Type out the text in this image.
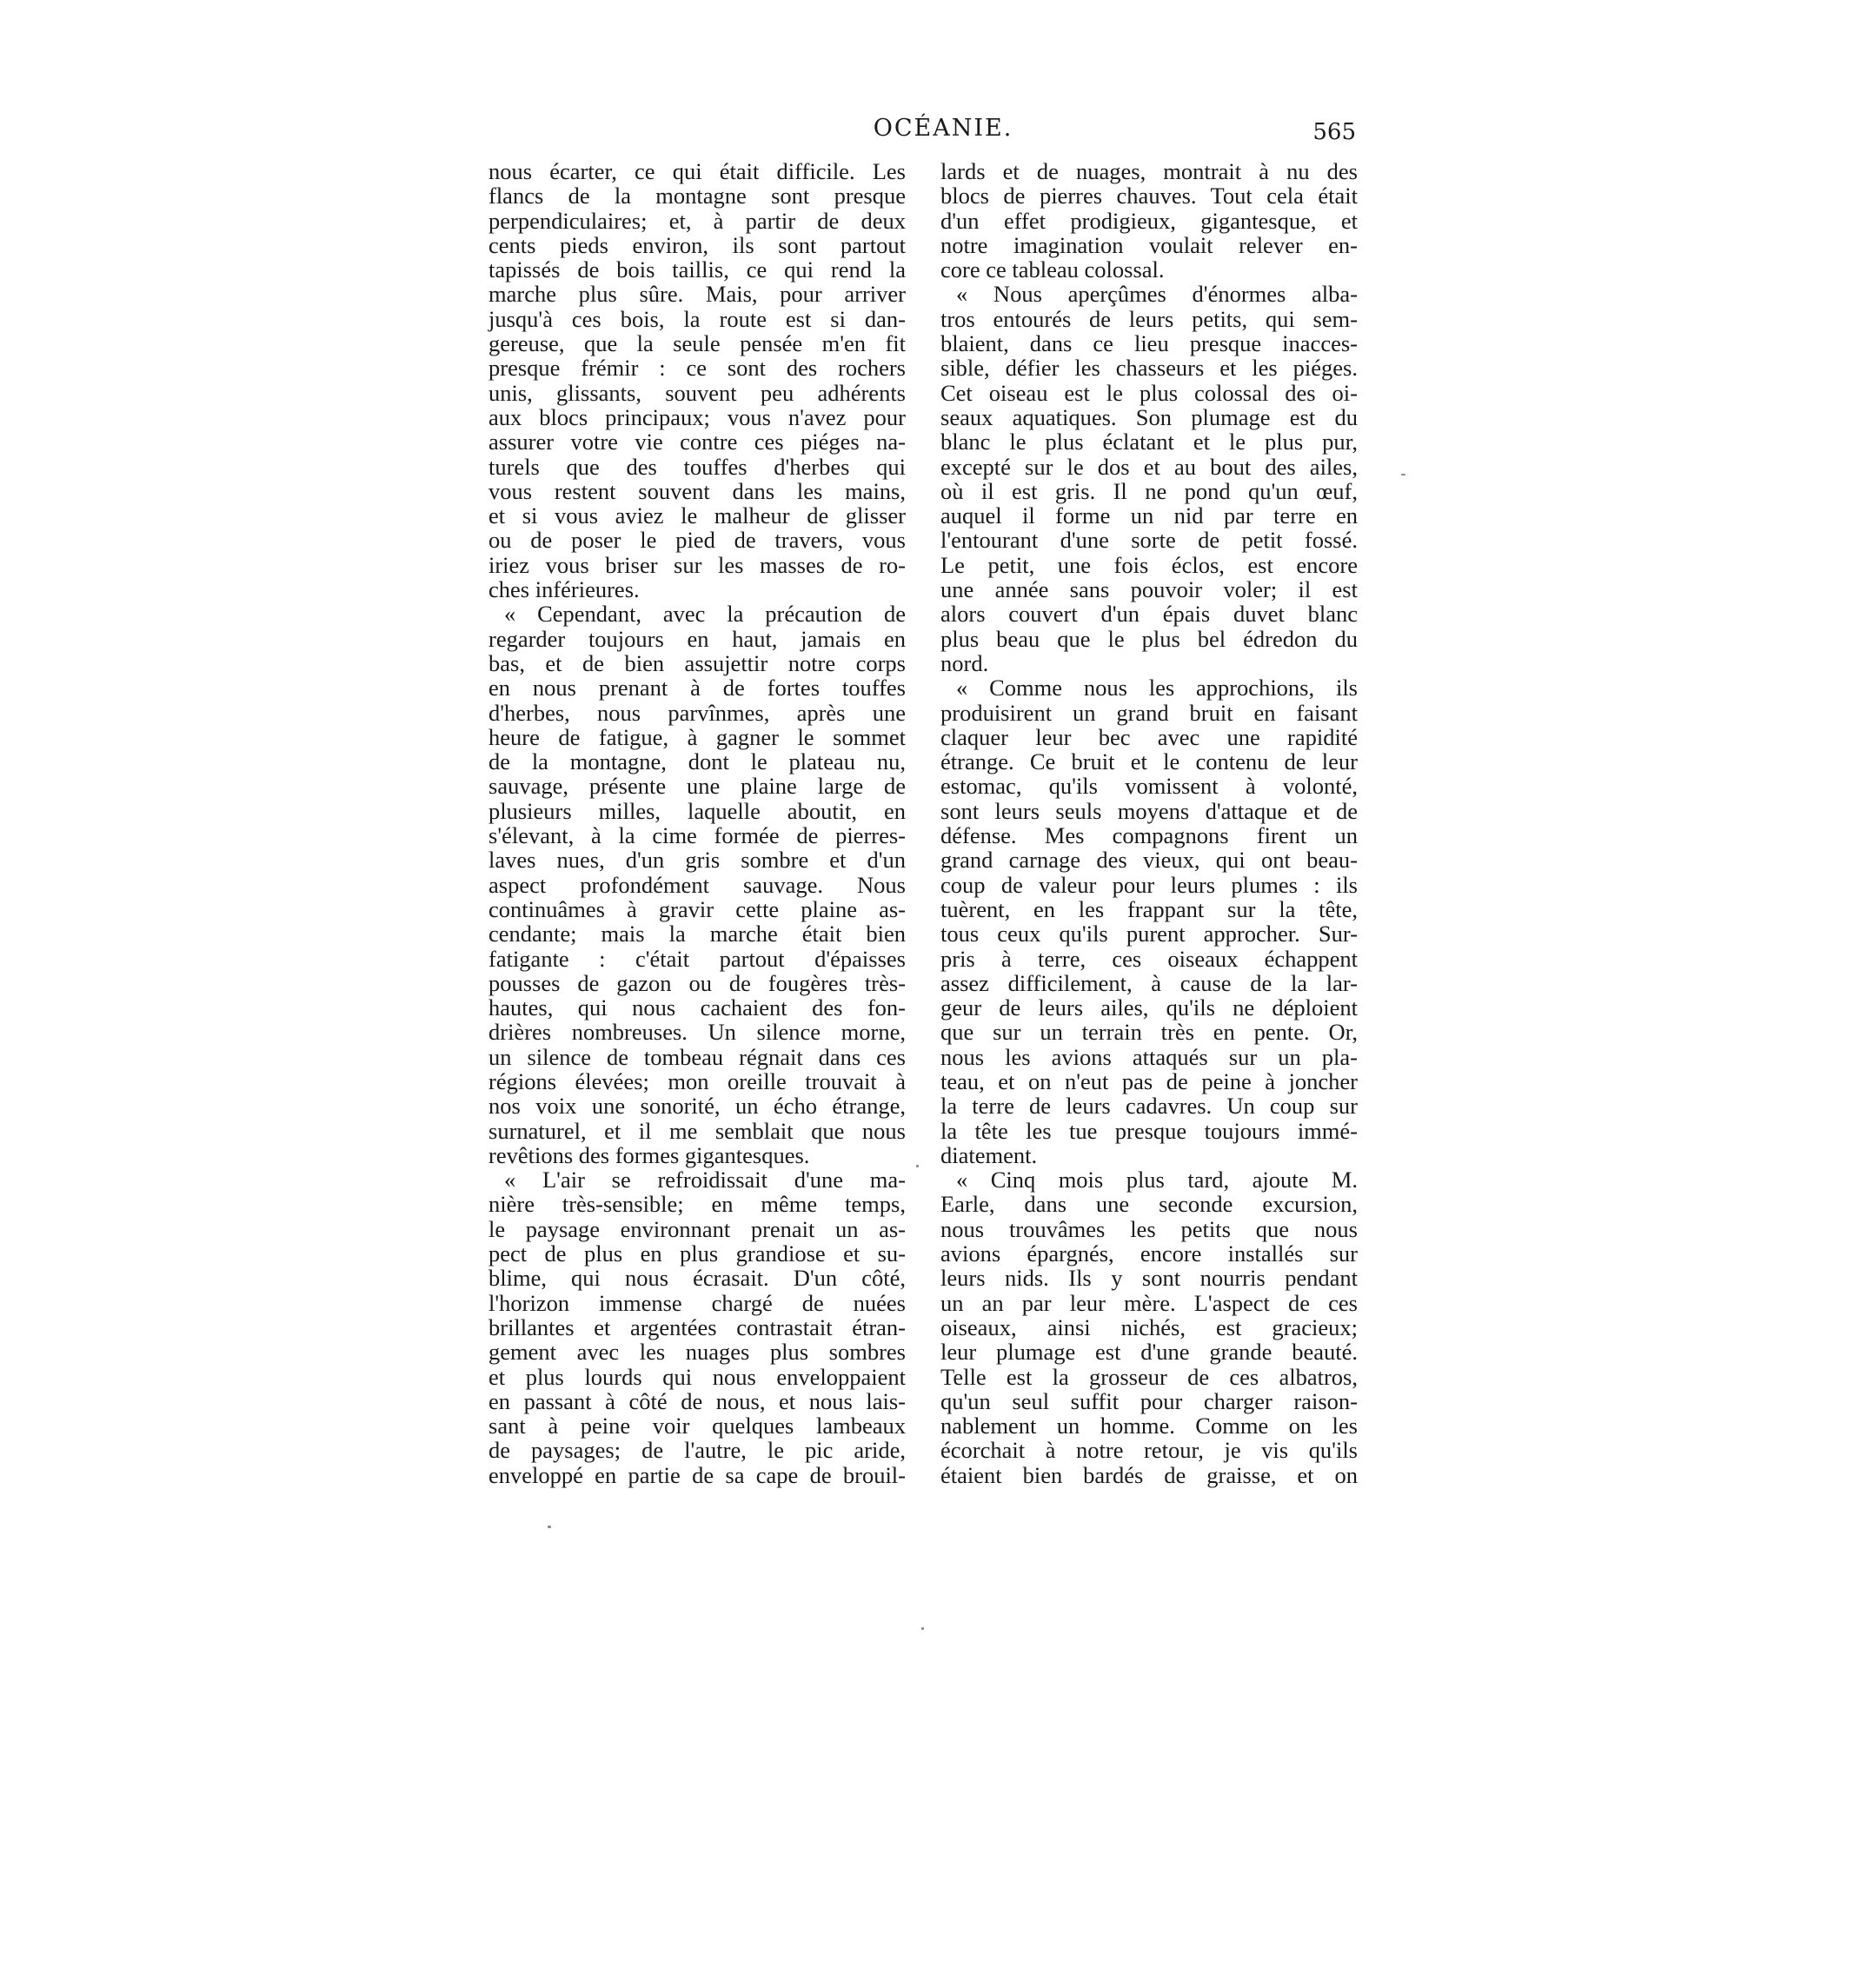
OCÉANIE.	565
nous écarter, ce qui était difficile. Les
flancs de la montagne sont presque
perpendiculaires; et, à partir de deux
cents pieds environ, ils sont partout
tapissés de bois taillis, ce qui rend la
marche plus sûre. Mais, pour arriver
jusqu'à ces bois, la route est si dan-
gereuse, que la seule pensée m'en fit
presque frémir : ce sont des rochers
unis, glissants, souvent peu adhérents
aux blocs principaux; vous n'avez pour
assurer votre vie contre ces piéges na-
turels que des touffes d'herbes qui
vous restent souvent dans les mains,
et si vous aviez le malheur de glisser
ou de poser le pied de travers, vous
iriez vous briser sur les masses de ro-
ches inférieures.
« Cependant, avec la précaution de
regarder toujours en haut, jamais en
bas, et de bien assujettir notre corps
en nous prenant à de fortes touffes
d'herbes, nous parvînmes, après une
heure de fatigue, à gagner le sommet
de la montagne, dont le plateau nu,
sauvage, présente une plaine large de
plusieurs milles, laquelle aboutit, en
s'élevant, à la cime formée de pierres-
laves nues, d'un gris sombre et d'un
aspect profondément sauvage. Nous
continuâmes à gravir cette plaine as-
cendante; mais la marche était bien
fatigante : c'était partout d'épaisses
pousses de gazon ou de fougères très-
hautes, qui nous cachaient des fon-
drières nombreuses. Un silence morne,
un silence de tombeau régnait dans ces
régions élevées; mon oreille trouvait à
nos voix une sonorité, un écho étrange,
surnaturel, et il me semblait que nous
revêtions des formes gigantesques.
« L'air se refroidissait d'une ma-
nière très-sensible; en même temps,
le paysage environnant prenait un as-
pect de plus en plus grandiose et su-
blime, qui nous écrasait. D'un côté,
l'horizon immense chargé de nuées
brillantes et argentées contrastait étran-
gement avec les nuages plus sombres
et plus lourds qui nous enveloppaient
en passant à côté de nous, et nous lais-
sant à peine voir quelques lambeaux
de paysages; de l'autre, le pic aride,
enveloppé en partie de sa cape de brouil-
lards et de nuages, montrait à nu des
blocs de pierres chauves. Tout cela était
d'un effet prodigieux, gigantesque, et
notre imagination voulait relever en-
core ce tableau colossal.
« Nous aperçûmes d'énormes alba-
tros entourés de leurs petits, qui sem-
blaient, dans ce lieu presque inacces-
sible, défier les chasseurs et les piéges.
Cet oiseau est le plus colossal des oi-
seaux aquatiques. Son plumage est du
blanc le plus éclatant et le plus pur,
excepté sur le dos et au bout des ailes,
où il est gris. Il ne pond qu'un œuf,
auquel il forme un nid par terre en
l'entourant d'une sorte de petit fossé.
Le petit, une fois éclos, est encore
une année sans pouvoir voler; il est
alors couvert d'un épais duvet blanc
plus beau que le plus bel édredon du
nord.
« Comme nous les approchions, ils
produisirent un grand bruit en faisant
claquer leur bec avec une rapidité
étrange. Ce bruit et le contenu de leur
estomac, qu'ils vomissent à volonté,
sont leurs seuls moyens d'attaque et de
défense. Mes compagnons firent un
grand carnage des vieux, qui ont beau-
coup de valeur pour leurs plumes : ils
tuèrent, en les frappant sur la tête,
tous ceux qu'ils purent approcher. Sur-
pris à terre, ces oiseaux échappent
assez difficilement, à cause de la lar-
geur de leurs ailes, qu'ils ne déploient
que sur un terrain très en pente. Or,
nous les avions attaqués sur un pla-
teau, et on n'eut pas de peine à joncher
la terre de leurs cadavres. Un coup sur
la tête les tue presque toujours immé-
diatement.
« Cinq mois plus tard, ajoute M.
Earle, dans une seconde excursion,
nous trouvâmes les petits que nous
avions épargnés, encore installés sur
leurs nids. Ils y sont nourris pendant
un an par leur mère. L'aspect de ces
oiseaux, ainsi nichés, est gracieux;
leur plumage est d'une grande beauté.
Telle est la grosseur de ces albatros,
qu'un seul suffit pour charger raison-
nablement un homme. Comme on les
écorchait à notre retour, je vis qu'ils
étaient bien bardés de graisse, et on
